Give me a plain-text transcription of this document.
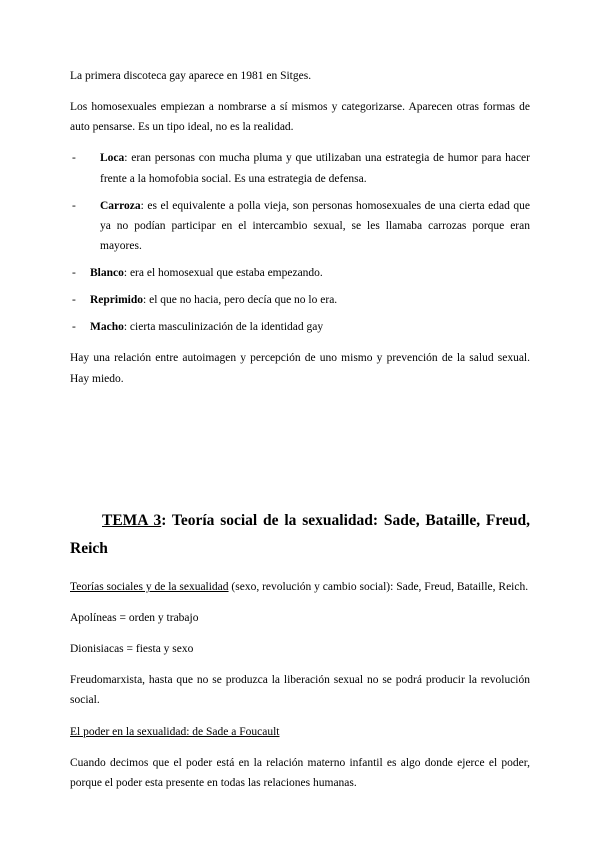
La primera discoteca gay aparece en 1981 en Sitges.

Los homosexuales empiezan a nombrarse a sí mismos y categorizarse. Aparecen otras formas de auto pensarse. Es un tipo ideal, no es la realidad.

- Loca: eran personas con mucha pluma y que utilizaban una estrategia de humor para hacer frente a la homofobia social. Es una estrategia de defensa.
- Carroza: es el equivalente a polla vieja, son personas homosexuales de una cierta edad que ya no podían participar en el intercambio sexual, se les llamaba carrozas porque eran mayores.
- Blanco: era el homosexual que estaba empezando.
- Reprimido: el que no hacia, pero decía que no lo era.
- Macho: cierta masculinización de la identidad gay

Hay una relación entre autoimagen y percepción de uno mismo y prevención de la salud sexual. Hay miedo.

TEMA 3: Teoría social de la sexualidad: Sade, Bataille, Freud, Reich

Teorías sociales y de la sexualidad (sexo, revolución y cambio social): Sade, Freud, Bataille, Reich.

Apolíneas = orden y trabajo

Dionisiacas = fiesta y sexo

Freudomarxista, hasta que no se produzca la liberación sexual no se podrá producir la revolución social.

El poder en la sexualidad: de Sade a Foucault

Cuando decimos que el poder está en la relación materno infantil es algo donde ejerce el poder, porque el poder esta presente en todas las relaciones humanas.
